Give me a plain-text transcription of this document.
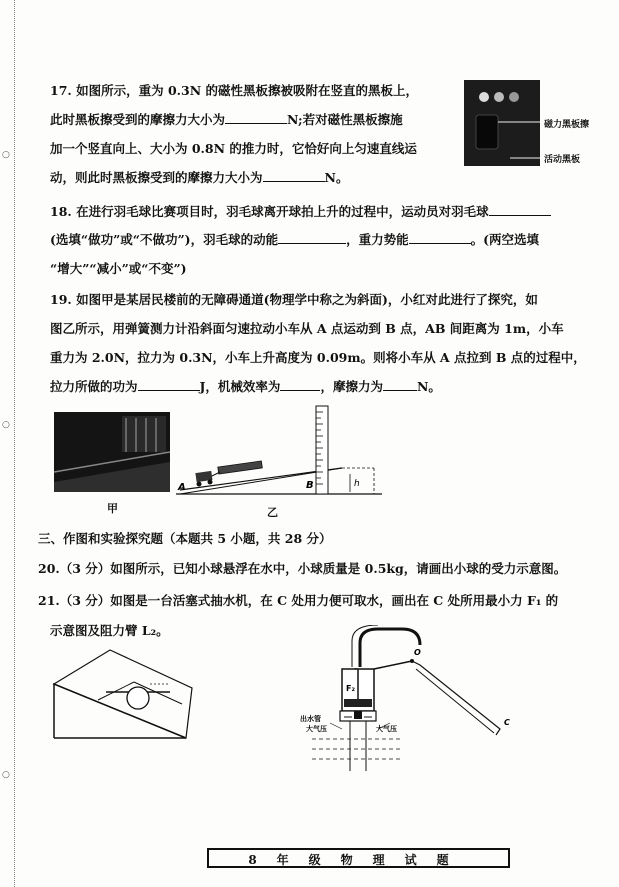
○
○
○
17. 如图所示，重为 0.3N 的磁性黑板擦被吸附在竖直的黑板上，
此时黑板擦受到的摩擦力大小为	N;若对磁性黑板擦施
加一个竖直向上、大小为 0.8N 的推力时，它恰好向上匀速直线运
动，则此时黑板擦受到的摩擦力大小为	N。
磁力黑板擦
活动黑板
18. 在进行羽毛球比赛项目时，羽毛球离开球拍上升的过程中，运动员对羽毛球
(选填“做功”或“不做功”)，羽毛球的动能	，重力势能	。(两空选填
“增大”“减小”或“不变”)
19. 如图甲是某居民楼前的无障碍通道(物理学中称之为斜面)，小红对此进行了探究，如
图乙所示，用弹簧测力计沿斜面匀速拉动小车从 A 点运动到 B 点，AB 间距离为 1m，小车
重力为 2.0N，拉力为 0.3N，小车上升高度为 0.09m。则将小车从 A 点拉到 B 点的过程中，
拉力所做的功为	J，机械效率为	，摩擦力为	N。
甲
A	B	h
乙
三、作图和实验探究题（本题共 5 小题，共 28 分）
20.（3 分）如图所示，已知小球悬浮在水中，小球质量是 0.5kg，请画出小球的受力示意图。
21.（3 分）如图是一台活塞式抽水机，在 C 处用力便可取水，画出在 C 处所用最小力 F₁ 的
示意图及阻力臂 L₂。
F₂
O
C
出水管
大气压	大气压
8年级物理试题
